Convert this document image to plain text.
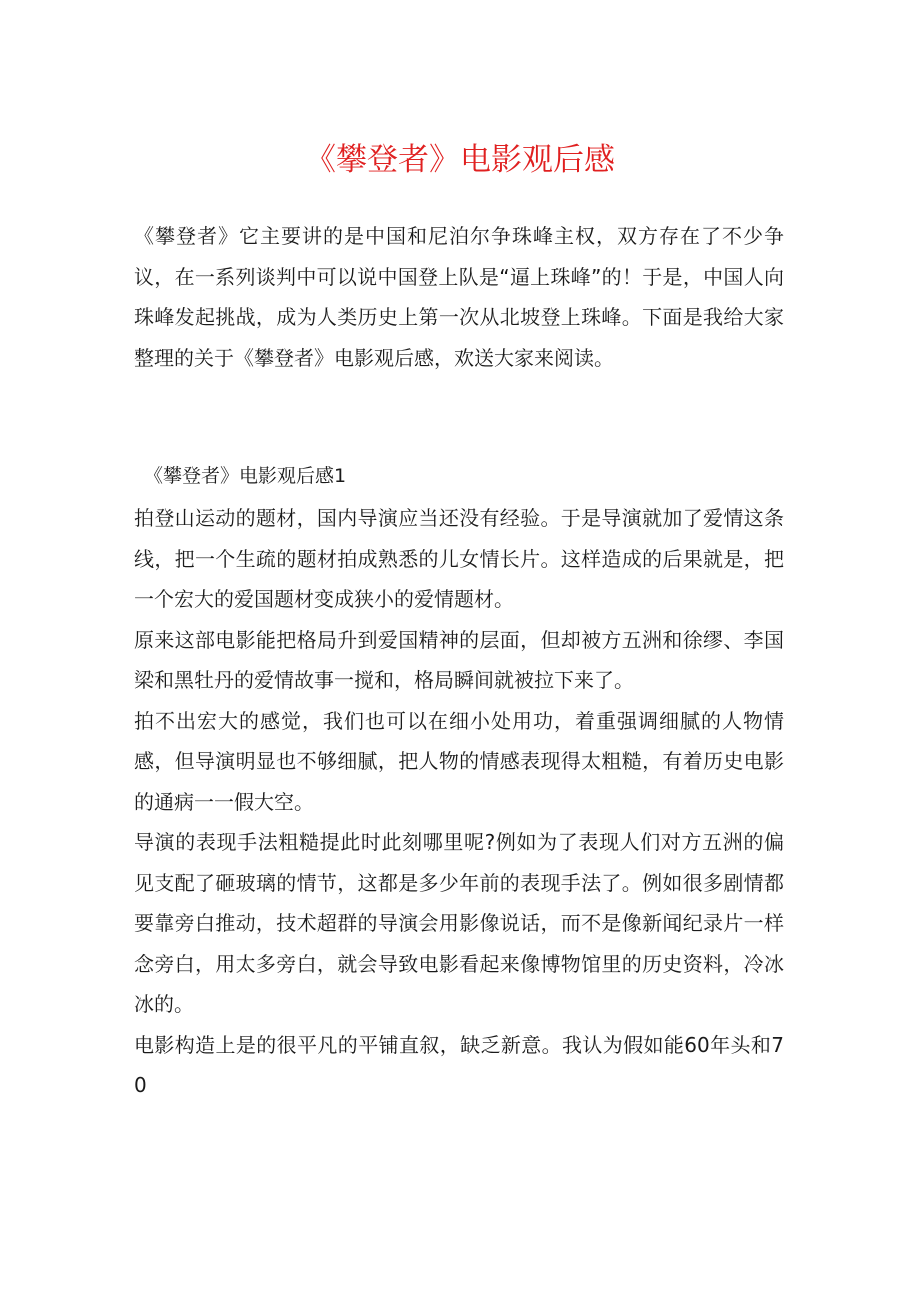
《攀登者》电影观后感

《攀登者》它主要讲的是中国和尼泊尔争珠峰主权，双方存在了不少争议，在一系列谈判中可以说中国登上队是“逼上珠峰”的！于是，中国人向珠峰发起挑战，成为人类历史上第一次从北坡登上珠峰。下面是我给大家整理的关于《攀登者》电影观后感，欢送大家来阅读。

《攀登者》电影观后感1

拍登山运动的题材，国内导演应当还没有经验。于是导演就加了爱情这条线，把一个生疏的题材拍成熟悉的儿女情长片。这样造成的后果就是，把一个宏大的爱国题材变成狭小的爱情题材。

原来这部电影能把格局升到爱国精神的层面，但却被方五洲和徐缪、李国梁和黑牡丹的爱情故事一搅和，格局瞬间就被拉下来了。

拍不出宏大的感觉，我们也可以在细小处用功，着重强调细腻的人物情感，但导演明显也不够细腻，把人物的情感表现得太粗糙，有着历史电影的通病一一假大空。

导演的表现手法粗糙提此时此刻哪里呢?例如为了表现人们对方五洲的偏见支配了砸玻璃的情节，这都是多少年前的表现手法了。例如很多剧情都要靠旁白推动，技术超群的导演会用影像说话，而不是像新闻纪录片一样念旁白，用太多旁白，就会导致电影看起来像博物馆里的历史资料，冷冰冰的。

电影构造上是的很平凡的平铺直叙，缺乏新意。我认为假如能60年头和70
